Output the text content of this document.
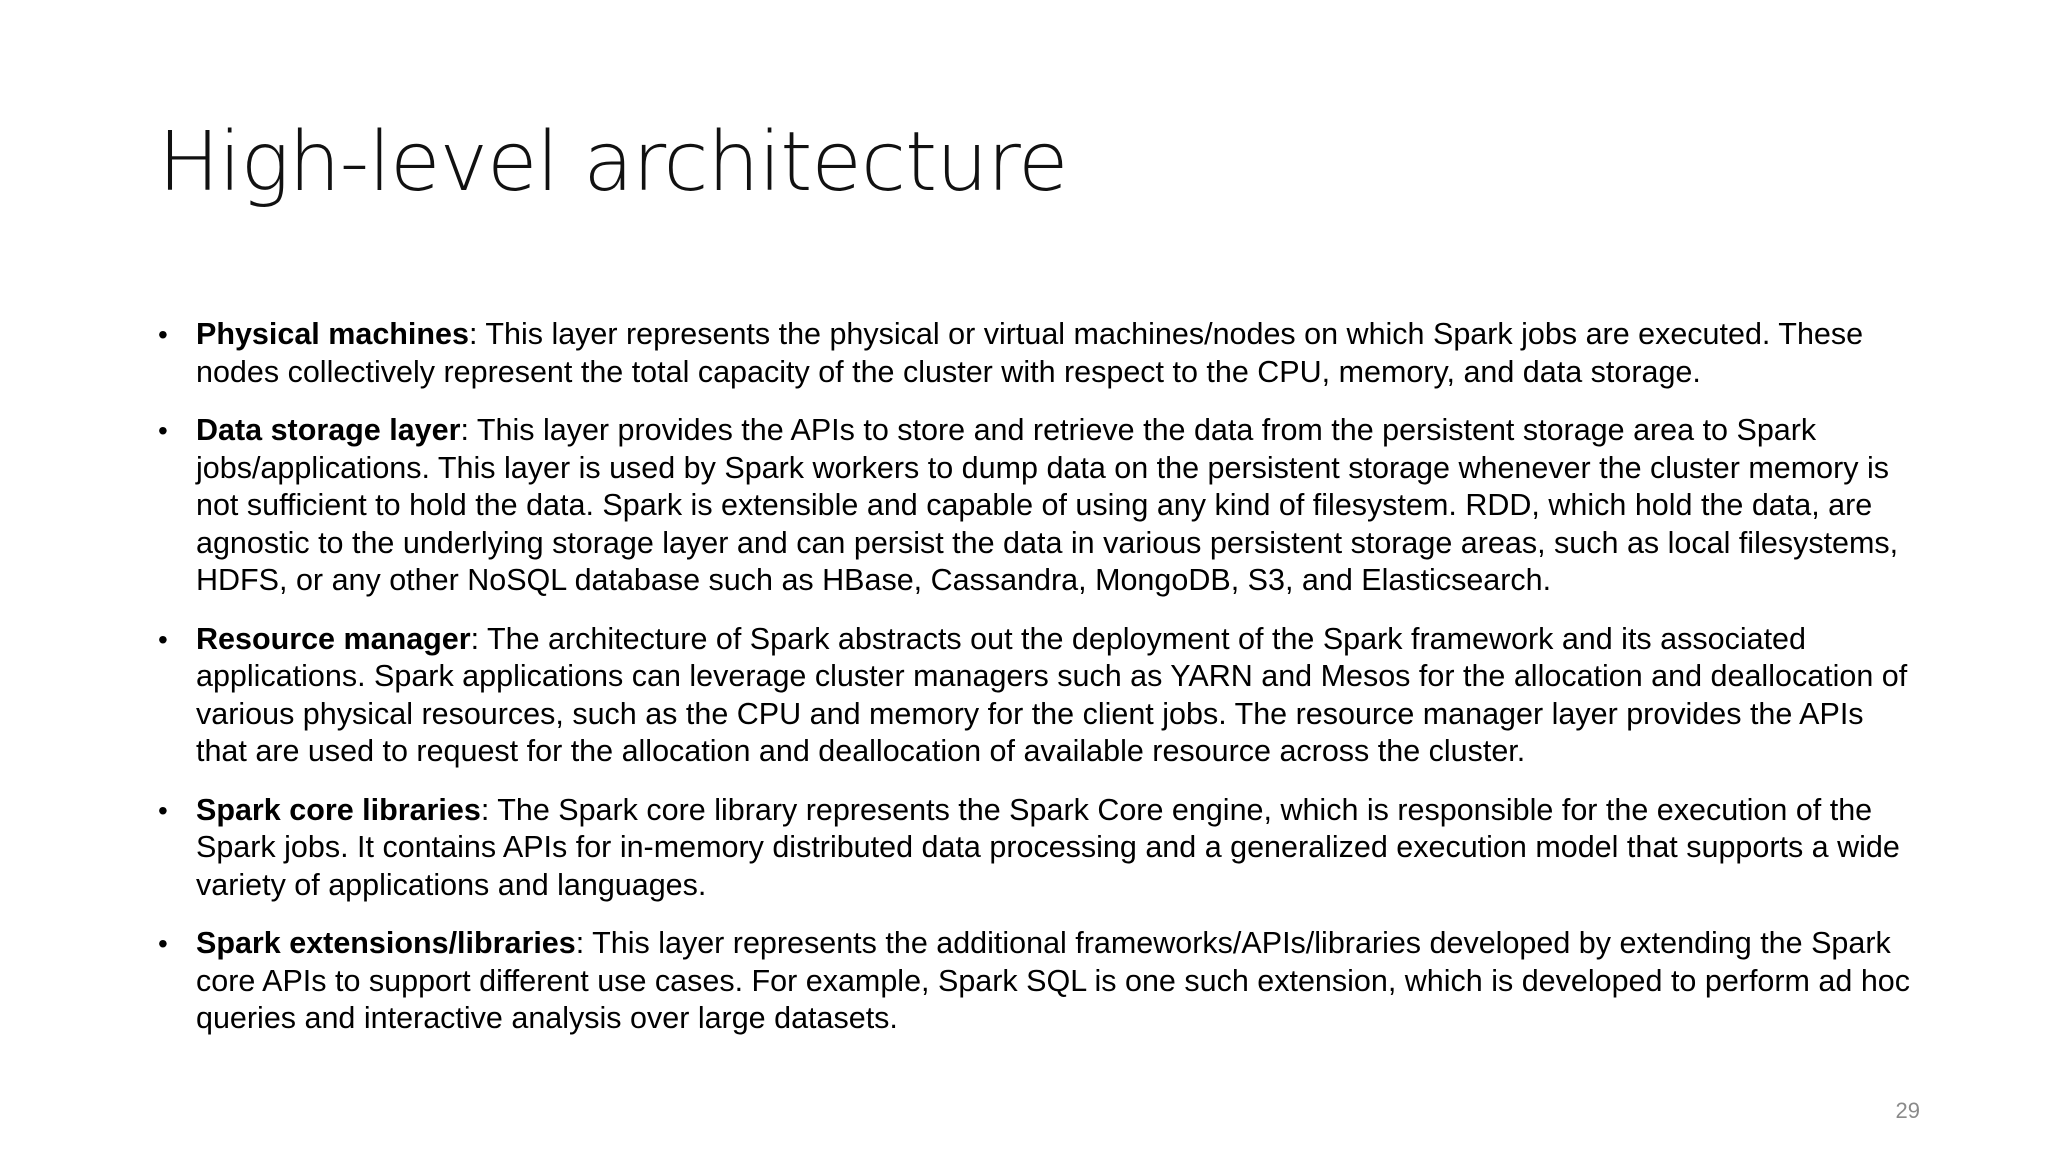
High-level architecture
• Physical machines: This layer represents the physical or virtual machines/nodes on which Spark jobs are executed. These nodes collectively represent the total capacity of the cluster with respect to the CPU, memory, and data storage.
• Data storage layer: This layer provides the APIs to store and retrieve the data from the persistent storage area to Spark jobs/applications. This layer is used by Spark workers to dump data on the persistent storage whenever the cluster memory is not sufficient to hold the data. Spark is extensible and capable of using any kind of filesystem. RDD, which hold the data, are agnostic to the underlying storage layer and can persist the data in various persistent storage areas, such as local filesystems, HDFS, or any other NoSQL database such as HBase, Cassandra, MongoDB, S3, and Elasticsearch.
• Resource manager: The architecture of Spark abstracts out the deployment of the Spark framework and its associated applications. Spark applications can leverage cluster managers such as YARN and Mesos for the allocation and deallocation of various physical resources, such as the CPU and memory for the client jobs. The resource manager layer provides the APIs that are used to request for the allocation and deallocation of available resource across the cluster.
• Spark core libraries: The Spark core library represents the Spark Core engine, which is responsible for the execution of the Spark jobs. It contains APIs for in-memory distributed data processing and a generalized execution model that supports a wide variety of applications and languages.
• Spark extensions/libraries: This layer represents the additional frameworks/APIs/libraries developed by extending the Spark core APIs to support different use cases. For example, Spark SQL is one such extension, which is developed to perform ad hoc queries and interactive analysis over large datasets.
29
